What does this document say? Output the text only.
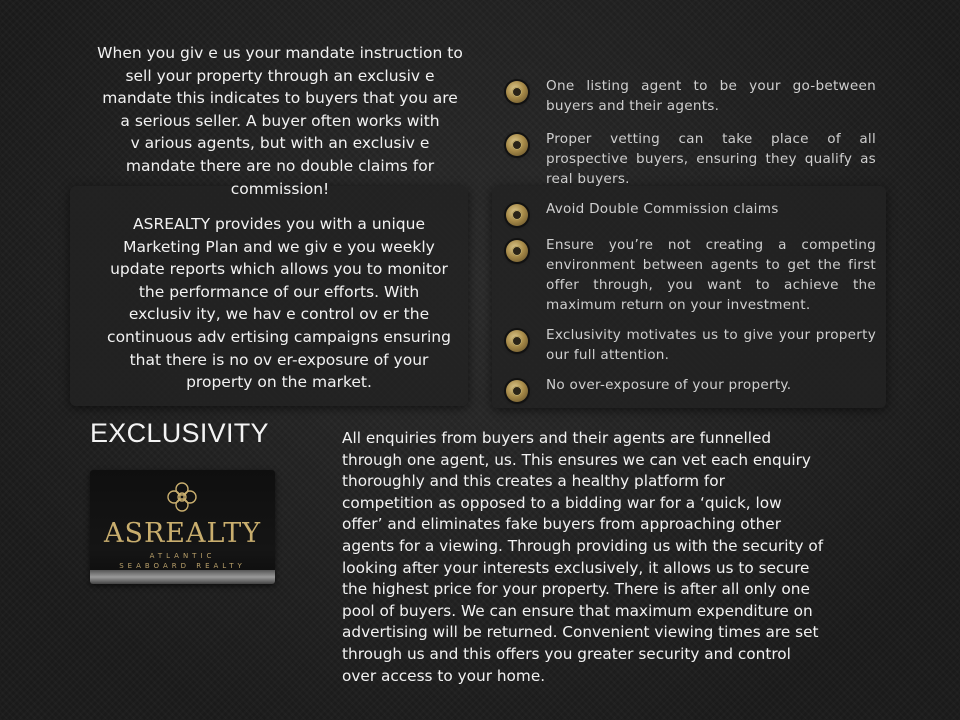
When you giv e us your mandate instruction to
sell your property through an exclusiv e
mandate this indicates to buyers that you are
a serious seller. A buyer often works with
v arious agents, but with an exclusiv e
mandate there are no double claims for
commission!
ASREALTY provides you with a unique
Marketing Plan and we giv e you weekly
update reports which allows you to monitor
the performance of our efforts. With
exclusiv ity, we hav e control ov er the
continuous adv ertising campaigns ensuring
that there is no ov er-exposure of your
property on the market.
One listing agent to be your go-between buyers and their agents.
Proper vetting can take place of all prospective buyers, ensuring they qualify as real buyers.
Avoid Double Commission claims
Ensure you’re not creating a competing environment between agents to get the first offer through, you want to achieve the maximum return on your investment.
Exclusivity motivates us to give your property our full attention.
No over-exposure of your property.
EXCLUSIVITY
ASREALTY
ATLANTIC
SEABOARD REALTY
All enquiries from buyers and their agents are funnelled
through one agent, us. This ensures we can vet each enquiry
thoroughly and this creates a healthy platform for
competition as opposed to a bidding war for a ‘quick, low
offer’ and eliminates fake buyers from approaching other
agents for a viewing. Through providing us with the security of
looking after your interests exclusively, it allows us to secure
the highest price for your property. There is after all only one
pool of buyers. We can ensure that maximum expenditure on
advertising will be returned. Convenient viewing times are set
through us and this offers you greater security and control
over access to your home.
